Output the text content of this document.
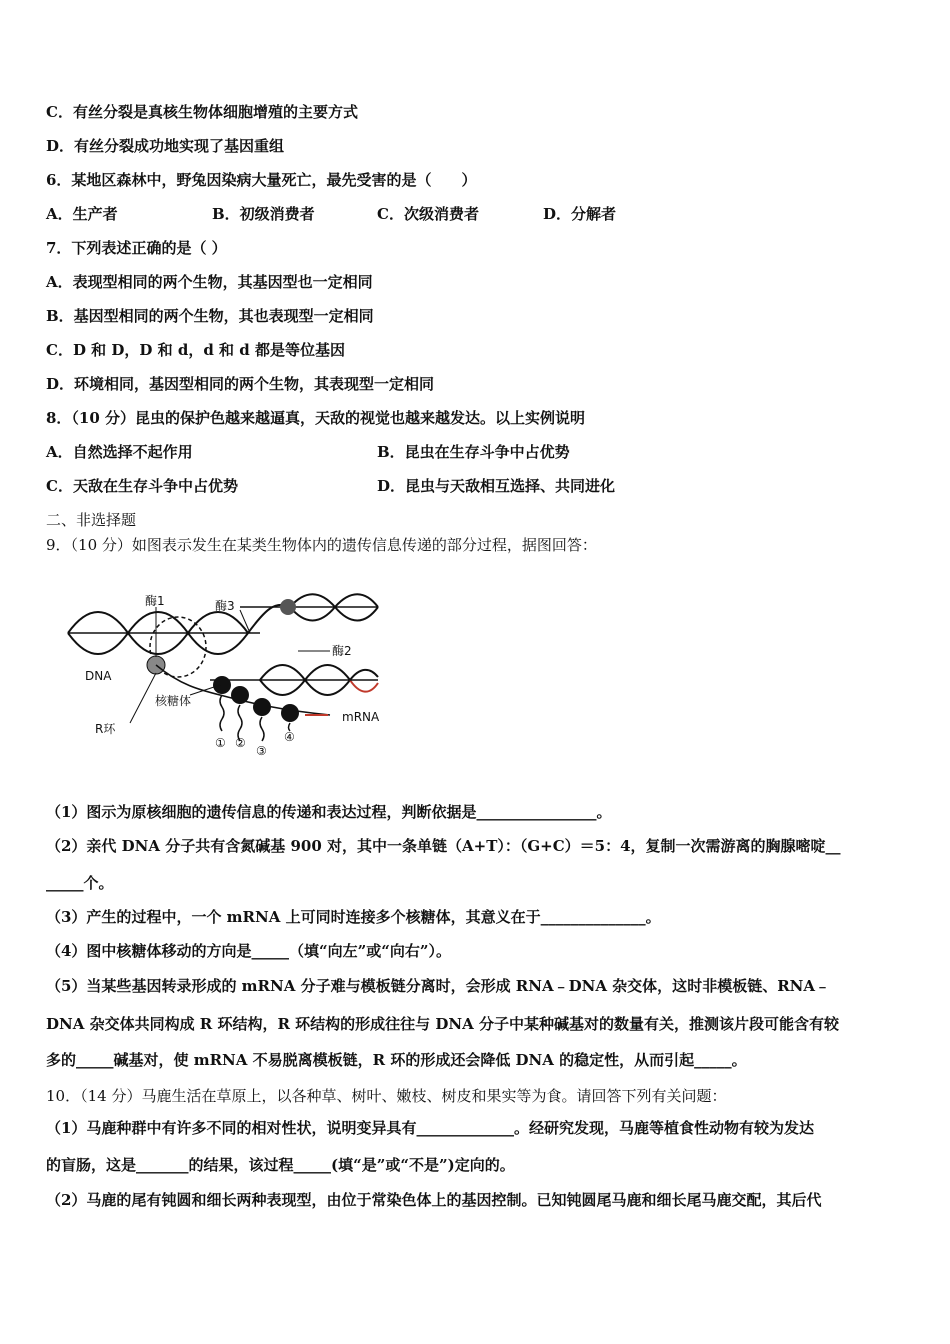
C．有丝分裂是真核生物体细胞增殖的主要方式
D．有丝分裂成功地实现了基因重组
6．某地区森林中，野兔因染病大量死亡，最先受害的是（　　）
A．生产者	B．初级消费者	C．次级消费者	D．分解者
7．下列表述正确的是（ ）
A．表现型相同的两个生物，其基因型也一定相同
B．基因型相同的两个生物，其也表现型一定相同
C．D 和 D，D 和 d，d 和 d 都是等位基因
D．环境相同，基因型相同的两个生物，其表现型一定相同
8．（10 分）昆虫的保护色越来越逼真，天敌的视觉也越来越发达。以上实例说明
A．自然选择不起作用	B．昆虫在生存斗争中占优势
C．天敌在生存斗争中占优势	D．昆虫与天敌相互选择、共同进化
二、非选择题
9．（10 分）如图表示发生在某类生物体内的遗传信息传递的部分过程，据图回答：
酶1	酶3
酶2
DNA
核糖体
R环
mRNA
① ②
③
④
（1）图示为原核细胞的遗传信息的传递和表达过程，判断依据是________________。
（2）亲代 DNA 分子共有含氮碱基 900 对，其中一条单链（A+T）：（G+C）＝5：4，复制一次需游离的胸腺嘧啶__
_____个。
（3）产生的过程中，一个 mRNA 上可同时连接多个核糖体，其意义在于______________。
（4）图中核糖体移动的方向是_____（填“向左”或“向右”）。
（5）当某些基因转录形成的 mRNA 分子难与模板链分离时，会形成 RNA﹣DNA 杂交体，这时非模板链、RNA﹣
DNA 杂交体共同构成 R 环结构，R 环结构的形成往往与 DNA 分子中某种碱基对的数量有关，推测该片段可能含有较
多的_____碱基对，使 mRNA 不易脱离模板链，R 环的形成还会降低 DNA 的稳定性，从而引起_____。
10．（14 分）马鹿生活在草原上，以各种草、树叶、嫩枝、树皮和果实等为食。请回答下列有关问题：
（1）马鹿种群中有许多不同的相对性状，说明变异具有_____________。经研究发现，马鹿等植食性动物有较为发达
的盲肠，这是_______的结果，该过程_____(填“是”或“不是”)定向的。
（2）马鹿的尾有钝圆和细长两种表现型，由位于常染色体上的基因控制。已知钝圆尾马鹿和细长尾马鹿交配，其后代
